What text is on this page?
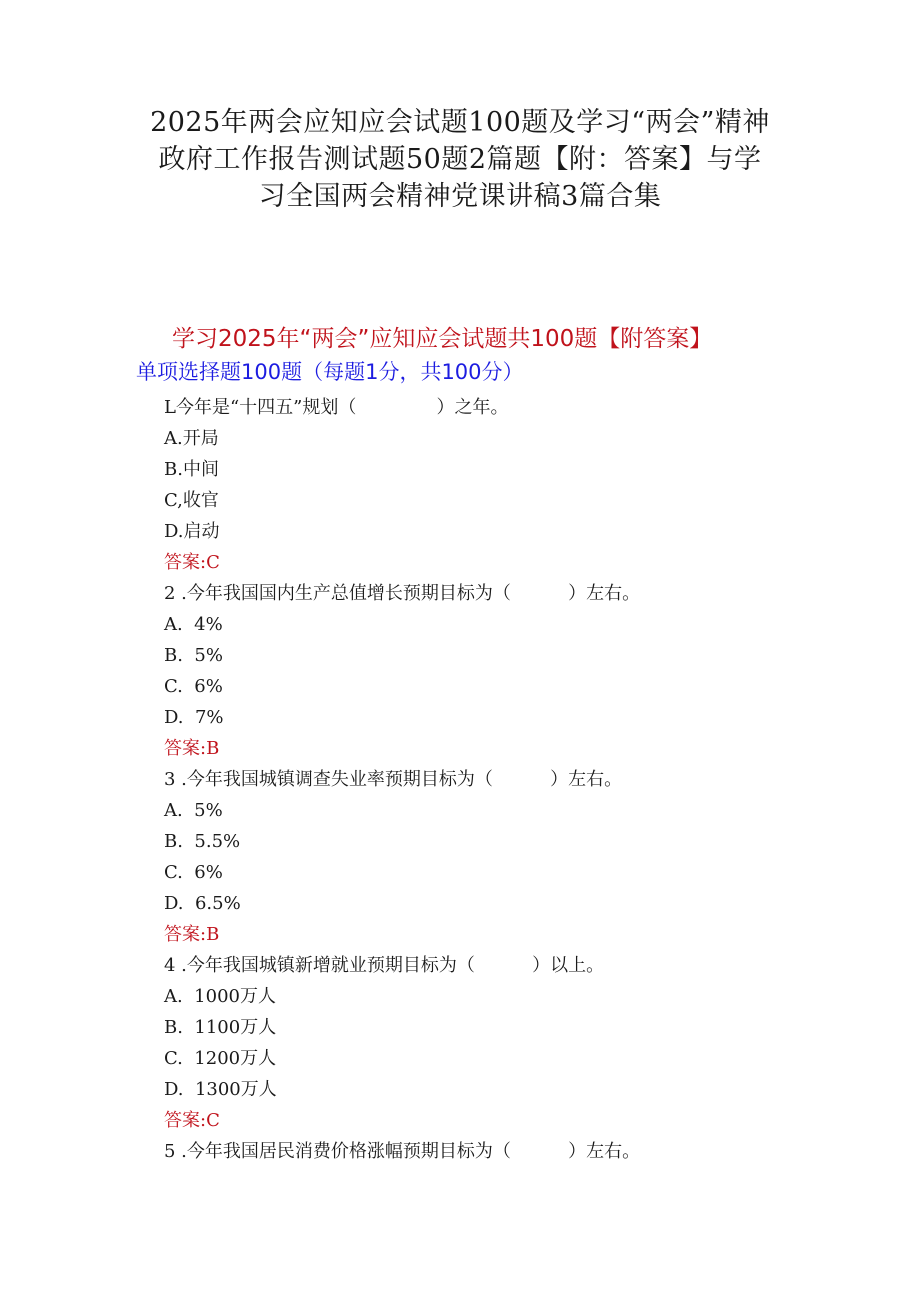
2025年两会应知应会试题100题及学习“两会”精神
政府工作报告测试题50题2篇题【附：答案】与学
习全国两会精神党课讲稿3篇合集
学习2025年“两会”应知应会试题共100题【附答案】
单项选择题100题（每题1分，共100分）
L今年是“十四五”规划（              ）之年。
A.开局
B.中间
C,收官
D.启动
答案:C
2 .今年我国国内生产总值增长预期目标为（          ）左右。
A.  4%
B.  5%
C.  6%
D.  7%
答案:B
3 .今年我国城镇调查失业率预期目标为（          ）左右。
A.  5%
B.  5.5%
C.  6%
D.  6.5%
答案:B
4 .今年我国城镇新增就业预期目标为（          ）以上。
A.  1000万人
B.  1100万人
C.  1200万人
D.  1300万人
答案:C
5 .今年我国居民消费价格涨幅预期目标为（          ）左右。
